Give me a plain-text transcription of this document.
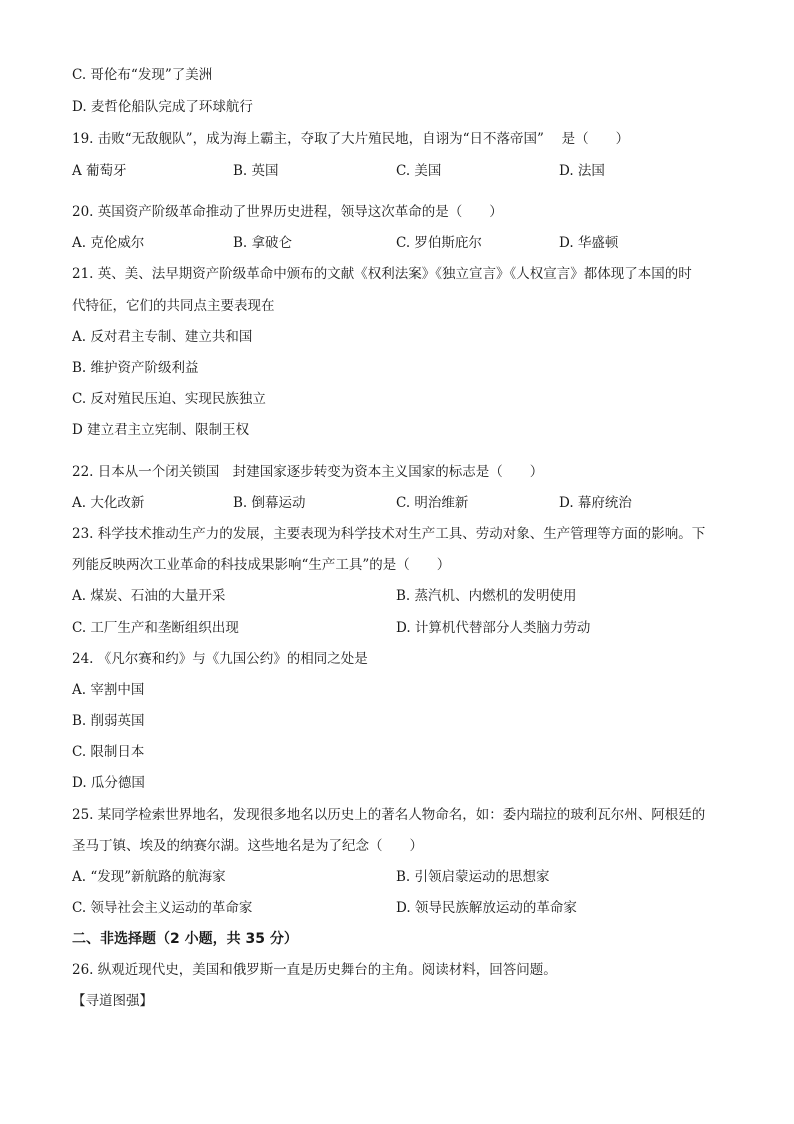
C. 哥伦布“发现”了美洲
D. 麦哲伦船队完成了环球航行
19. 击败“无敌舰队”，成为海上霸主，夺取了大片殖民地，自诩为“日不落帝国”　 是（　　）
A 葡萄牙	B. 英国	C. 美国	D. 法国
20. 英国资产阶级革命推动了世界历史进程，领导这次革命的是（　　）
A. 克伦威尔	B. 拿破仑	C. 罗伯斯庇尔	D. 华盛顿
21. 英、美、法早期资产阶级革命中颁布的文献《权利法案》《独立宣言》《人权宣言》都体现了本国的时
代特征，它们的共同点主要表现在
A. 反对君主专制、建立共和国
B. 维护资产阶级利益
C. 反对殖民压迫、实现民族独立
D 建立君主立宪制、限制王权
22. 日本从一个闭关锁国　封建国家逐步转变为资本主义国家的标志是（　　）
A. 大化改新	B. 倒幕运动	C. 明治维新	D. 幕府统治
23. 科学技术推动生产力的发展，主要表现为科学技术对生产工具、劳动对象、生产管理等方面的影响。下
列能反映两次工业革命的科技成果影响“生产工具”的是（　　）
A. 煤炭、石油的大量开采	B. 蒸汽机、内燃机的发明使用
C. 工厂生产和垄断组织出现	D. 计算机代替部分人类脑力劳动
24. 《凡尔赛和约》与《九国公约》的相同之处是
A. 宰割中国
B. 削弱英国
C. 限制日本
D. 瓜分德国
25. 某同学检索世界地名，发现很多地名以历史上的著名人物命名，如：委内瑞拉的玻利瓦尔州、阿根廷的
圣马丁镇、埃及的纳赛尔湖。这些地名是为了纪念（　　）
A. “发现”新航路的航海家	B. 引领启蒙运动的思想家
C. 领导社会主义运动的革命家	D. 领导民族解放运动的革命家
二、非选择题（2 小题，共 35 分）
26. 纵观近现代史，美国和俄罗斯一直是历史舞台的主角。阅读材料，回答问题。
【寻道图强】
